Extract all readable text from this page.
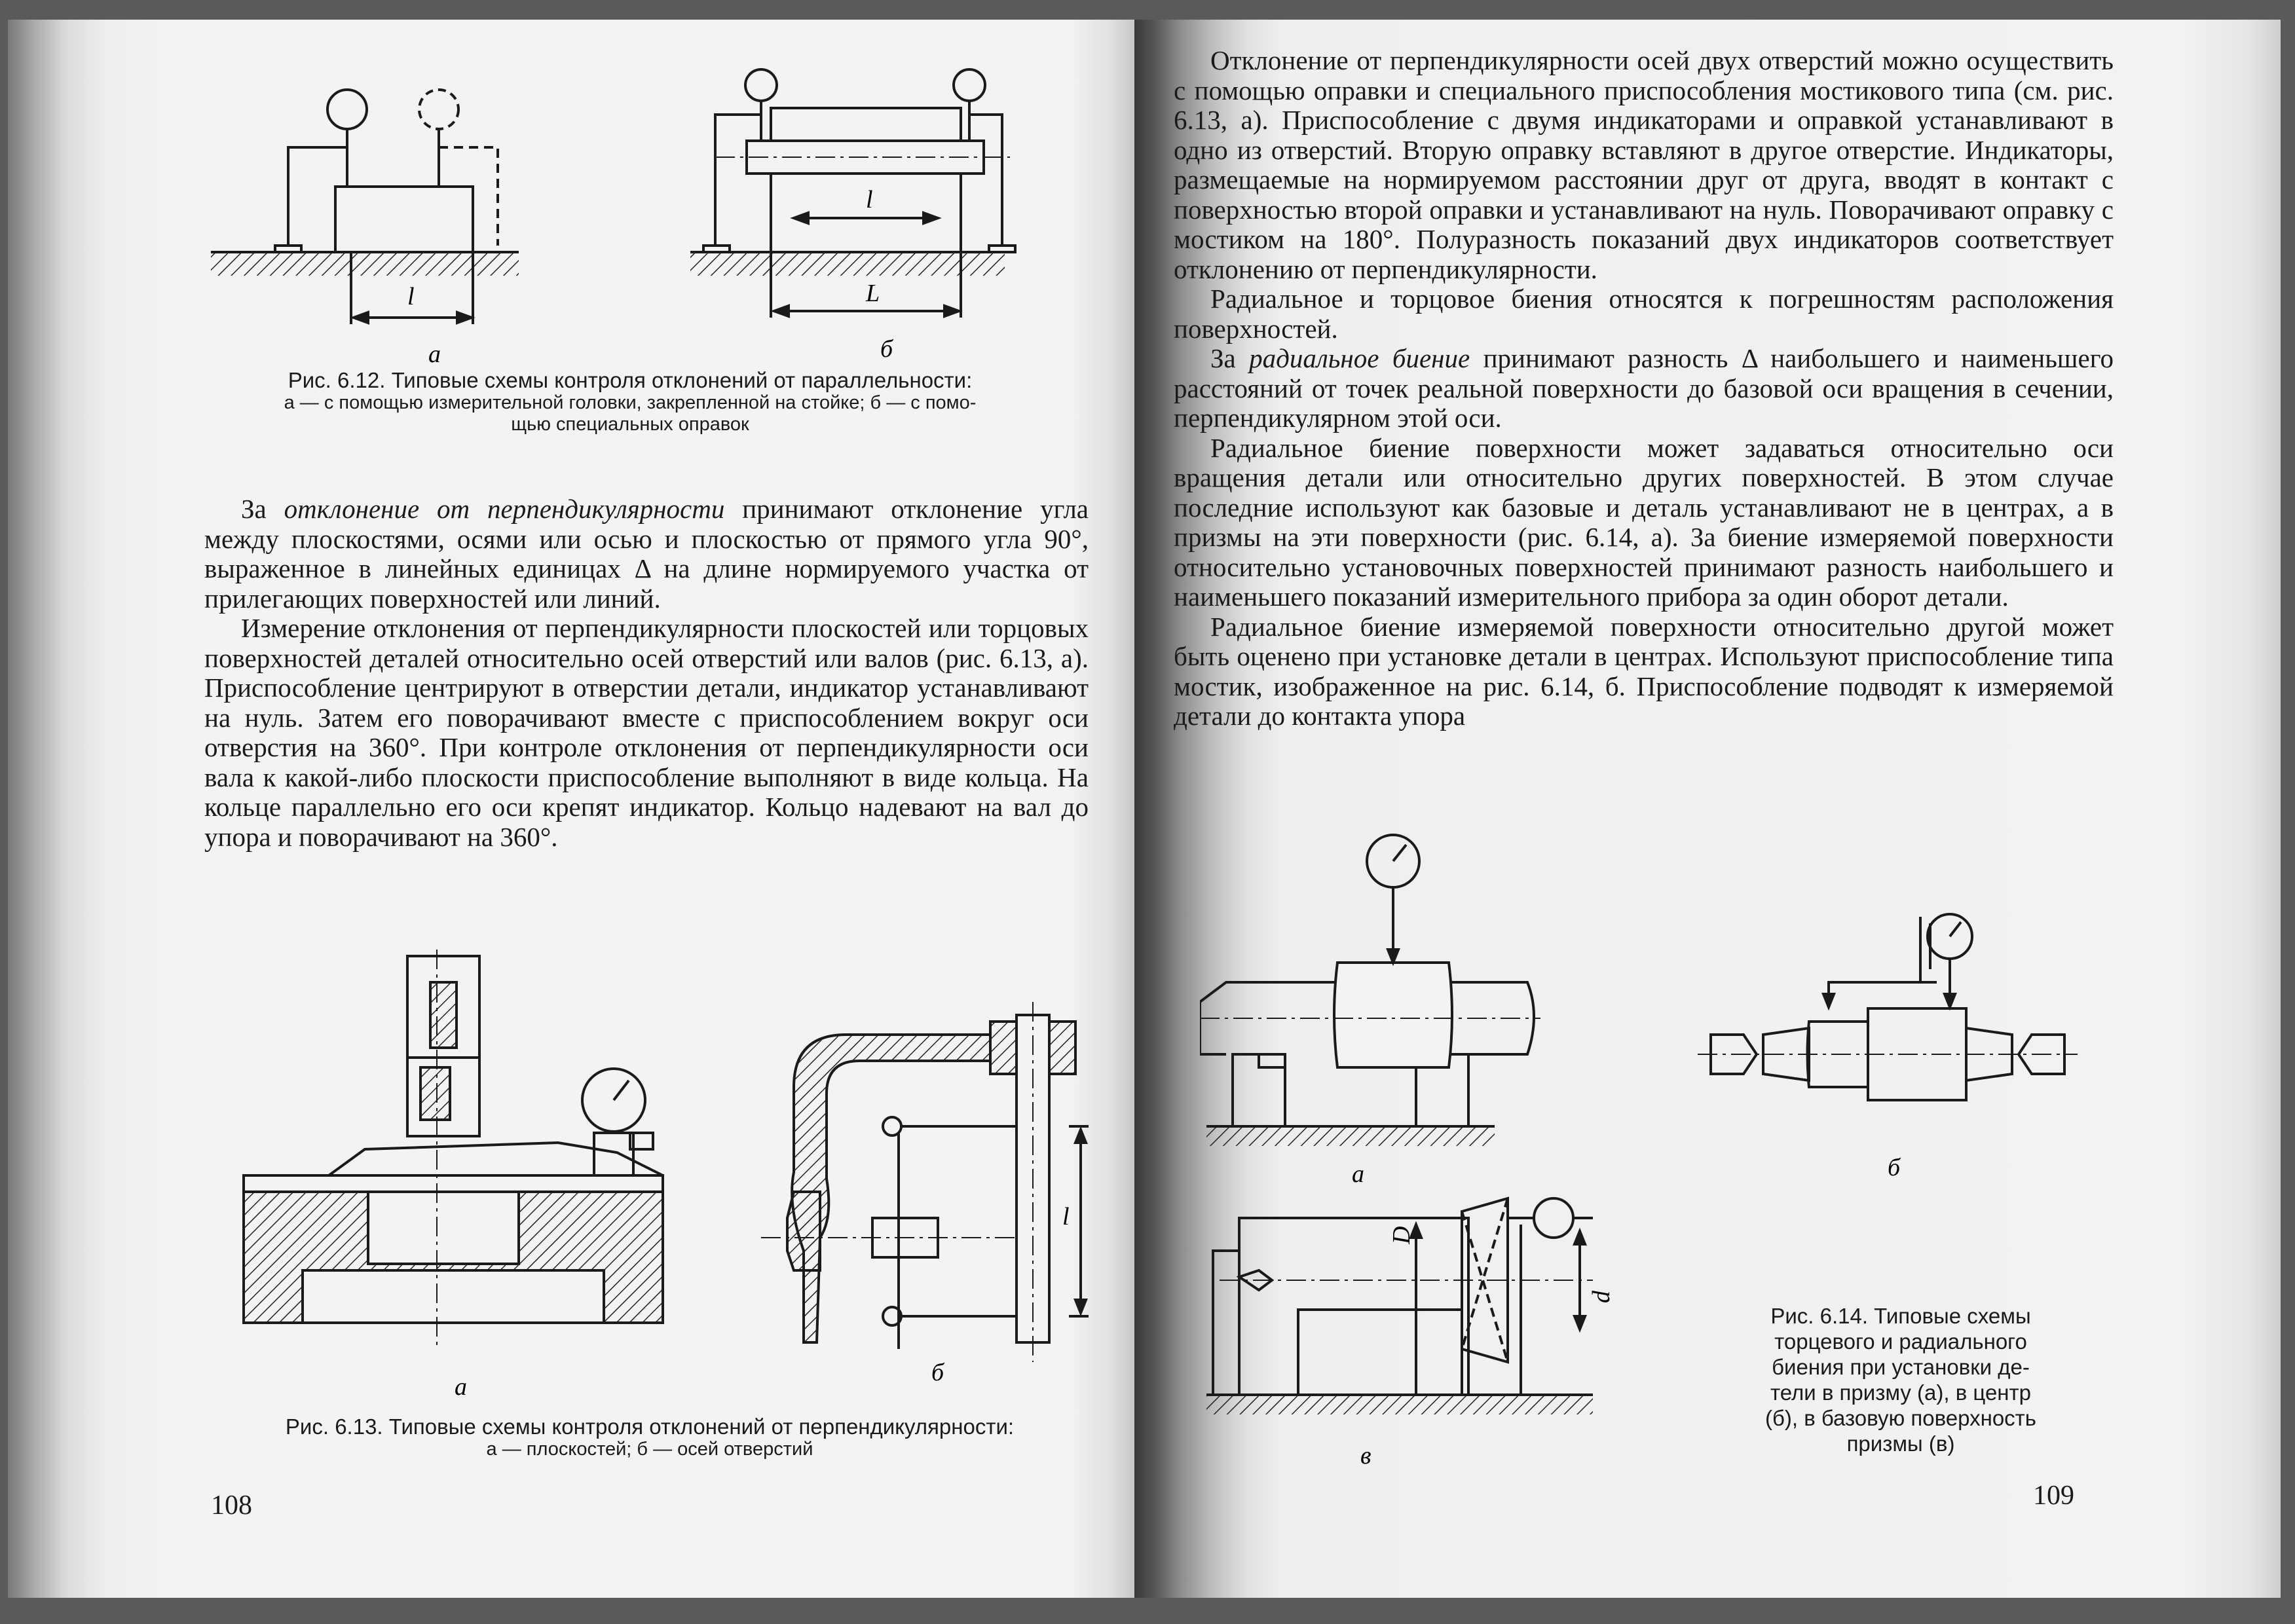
l
l
L
а	б
Рис. 6.12. Типовые схемы контроля отклонений от параллельности:
а — с помощью измерительной головки, закрепленной на стойке; б — с помо-
щью специальных оправок

За отклонение от перпендикулярности принимают отклонение угла между плоскостями, осями или осью и плоскостью от прямого угла 90°, выраженное в линейных единицах Δ на длине нормируемого участка от прилегающих поверхностей или линий.

Измерение отклонения от перпендикулярности плоскостей или торцовых поверхностей деталей относительно осей отверстий или валов (рис. 6.13, а). Приспособление центрируют в отверстии детали, индикатор устанавливают на нуль. Затем его поворачивают вместе с приспособлением вокруг оси отверстия на 360°. При контроле отклонения от перпендикулярности оси вала к какой-либо плоскости приспособление выполняют в виде кольца. На кольце параллельно его оси крепят индикатор. Кольцо надевают на вал до упора и поворачивают на 360°.

l
а
б
Рис. 6.13. Типовые схемы контроля отклонений от перпендикулярности:
а — плоскостей; б — осей отверстий
108

Отклонение от перпендикулярности осей двух отверстий можно осуществить с помощью оправки и специального приспособления мостикового типа (см. рис. 6.13, а). Приспособление с двумя индикаторами и оправкой устанавливают в одно из отверстий. Вторую оправку вставляют в другое отверстие. Индикаторы, размещаемые на нормируемом расстоянии друг от друга, вводят в контакт с поверхностью второй оправки и устанавливают на нуль. Поворачивают оправку с мостиком на 180°. Полуразность показаний двух индикаторов соответствует отклонению от перпендикулярности.

Радиальное и торцовое биения относятся к погрешностям расположения поверхностей.

За радиальное биение принимают разность Δ наибольшего и наименьшего расстояний от точек реальной поверхности до базовой оси вращения в сечении, перпендикулярном этой оси.

Радиальное биение поверхности может задаваться относительно оси вращения детали или относительно других поверхностей. В этом случае последние используют как базовые и деталь устанавливают не в центрах, а в призмы на эти поверхности (рис. 6.14, а). За биение измеряемой поверхности относительно установочных поверхностей принимают разность наибольшего и наименьшего показаний измерительного прибора за один оборот детали.

Радиальное биение измеряемой поверхности относительно другой может быть оценено при установке детали в центрах. Используют приспособление типа мостик, изображенное на рис. 6.14, б. Приспособление подводят к измеряемой детали до контакта упора

D
d
а	б
в
Рис. 6.14. Типовые схемы
торцевого и радиального
биения при установки де-
тели в призму (а), в центр
(б), в базовую поверхность
призмы (в)
109
